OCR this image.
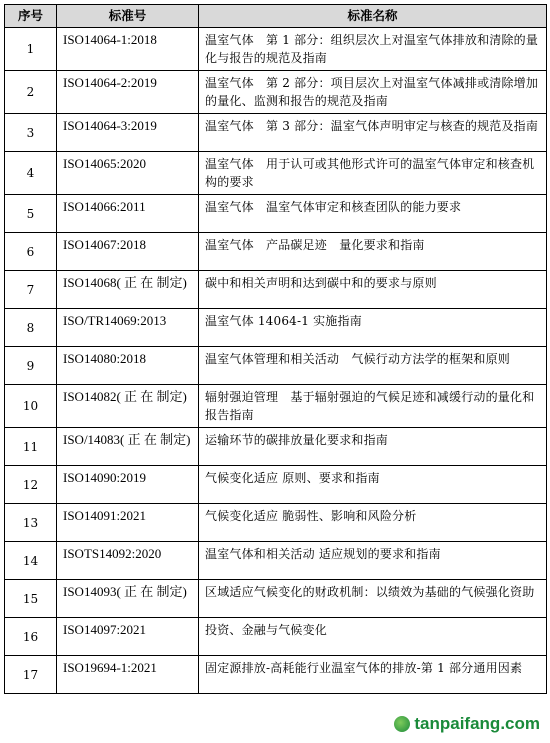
序号	标准号	标准名称
1	ISO14064-1:2018	温室气体　第 1 部分：组织层次上对温室气体排放和清除的量化与报告的规范及指南
2	ISO14064-2:2019	温室气体　第 2 部分：项目层次上对温室气体减排或清除增加的量化、监测和报告的规范及指南
3	ISO14064-3:2019	温室气体　第 3 部分：温室气体声明审定与核查的规范及指南
4	ISO14065:2020	温室气体　用于认可或其他形式许可的温室气体审定和核查机构的要求
5	ISO14066:2011	温室气体　温室气体审定和核查团队的能力要求
6	ISO14067:2018	温室气体　产品碳足迹　量化要求和指南
7	ISO14068( 正 在 制定)	碳中和相关声明和达到碳中和的要求与原则
8	ISO/TR14069:2013	温室气体 14064-1 实施指南
9	ISO14080:2018	温室气体管理和相关活动　气候行动方法学的框架和原则
10	ISO14082( 正 在 制定)	辐射强迫管理　基于辐射强迫的气候足迹和减缓行动的量化和报告指南
11	ISO/14083( 正 在 制定)	运输环节的碳排放量化要求和指南
12	ISO14090:2019	气候变化适应 原则、要求和指南
13	ISO14091:2021	气候变化适应 脆弱性、影响和风险分析
14	ISOTS14092:2020	温室气体和相关活动 适应规划的要求和指南
15	ISO14093( 正 在 制定)	区域适应气候变化的财政机制：以绩效为基础的气候强化资助
16	ISO14097:2021	投资、金融与气候变化
17	ISO19694-1:2021	固定源排放-高耗能行业温室气体的排放-第 1 部分通用因素
tanpaifang.com
